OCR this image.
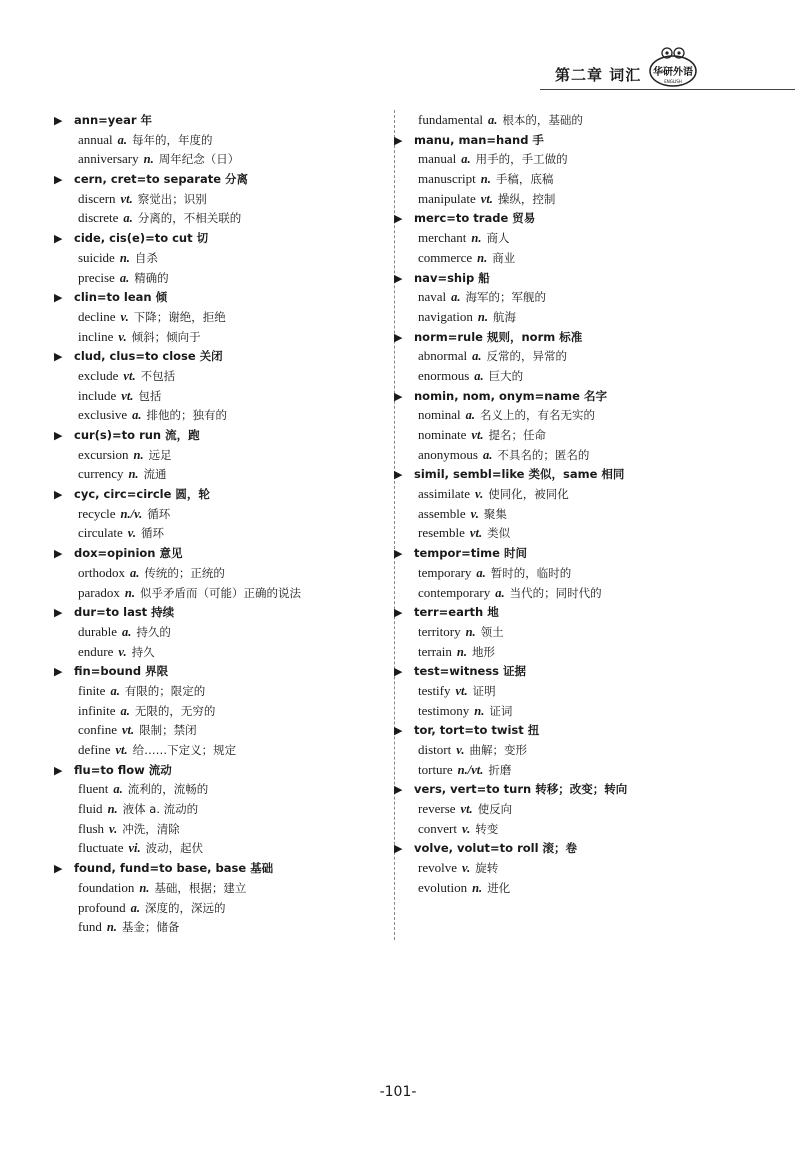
第二章 词汇 华研外语
ENGLISH
▶ ann=year 年
annual a. 每年的，年度的
anniversary n. 周年纪念（日）
▶ cern, cret=to separate 分离
discern vt. 察觉出；识别
discrete a. 分离的，不相关联的
▶ cide, cis(e)=to cut 切
suicide n. 自杀
precise a. 精确的
▶ clin=to lean 倾
decline v. 下降；谢绝，拒绝
incline v. 倾斜；倾向于
▶ clud, clus=to close 关闭
exclude vt. 不包括
include vt. 包括
exclusive a. 排他的；独有的
▶ cur(s)=to run 流，跑
excursion n. 远足
currency n. 流通
▶ cyc, circ=circle 圆，轮
recycle n./v. 循环
circulate v. 循环
▶ dox=opinion 意见
orthodox a. 传统的；正统的
paradox n. 似乎矛盾而（可能）正确的说法
▶ dur=to last 持续
durable a. 持久的
endure v. 持久
▶ fin=bound 界限
finite a. 有限的；限定的
infinite a. 无限的，无穷的
confine vt. 限制；禁闭
define vt. 给……下定义；规定
▶ flu=to flow 流动
fluent a. 流利的，流畅的
fluid n. 液体 a. 流动的
flush v. 冲洗，清除
fluctuate vi. 波动，起伏
▶ found, fund=to base, base 基础
foundation n. 基础，根据；建立
profound a. 深度的，深远的
fund n. 基金；储备
fundamental a. 根本的，基础的
▶ manu, man=hand 手
manual a. 用手的，手工做的
manuscript n. 手稿，底稿
manipulate vt. 操纵，控制
▶ merc=to trade 贸易
merchant n. 商人
commerce n. 商业
▶ nav=ship 船
naval a. 海军的；军舰的
navigation n. 航海
▶ norm=rule 规则，norm 标准
abnormal a. 反常的，异常的
enormous a. 巨大的
▶ nomin, nom, onym=name 名字
nominal a. 名义上的，有名无实的
nominate vt. 提名；任命
anonymous a. 不具名的；匿名的
▶ simil, sembl=like 类似，same 相同
assimilate v. 使同化，被同化
assemble v. 聚集
resemble vt. 类似
▶ tempor=time 时间
temporary a. 暂时的，临时的
contemporary a. 当代的；同时代的
▶ terr=earth 地
territory n. 领土
terrain n. 地形
▶ test=witness 证据
testify vt. 证明
testimony n. 证词
▶ tor, tort=to twist 扭
distort v. 曲解；变形
torture n./vt. 折磨
▶ vers, vert=to turn 转移；改变；转向
reverse vt. 使反向
convert v. 转变
▶ volve, volut=to roll 滚；卷
revolve v. 旋转
evolution n. 进化
-101-
